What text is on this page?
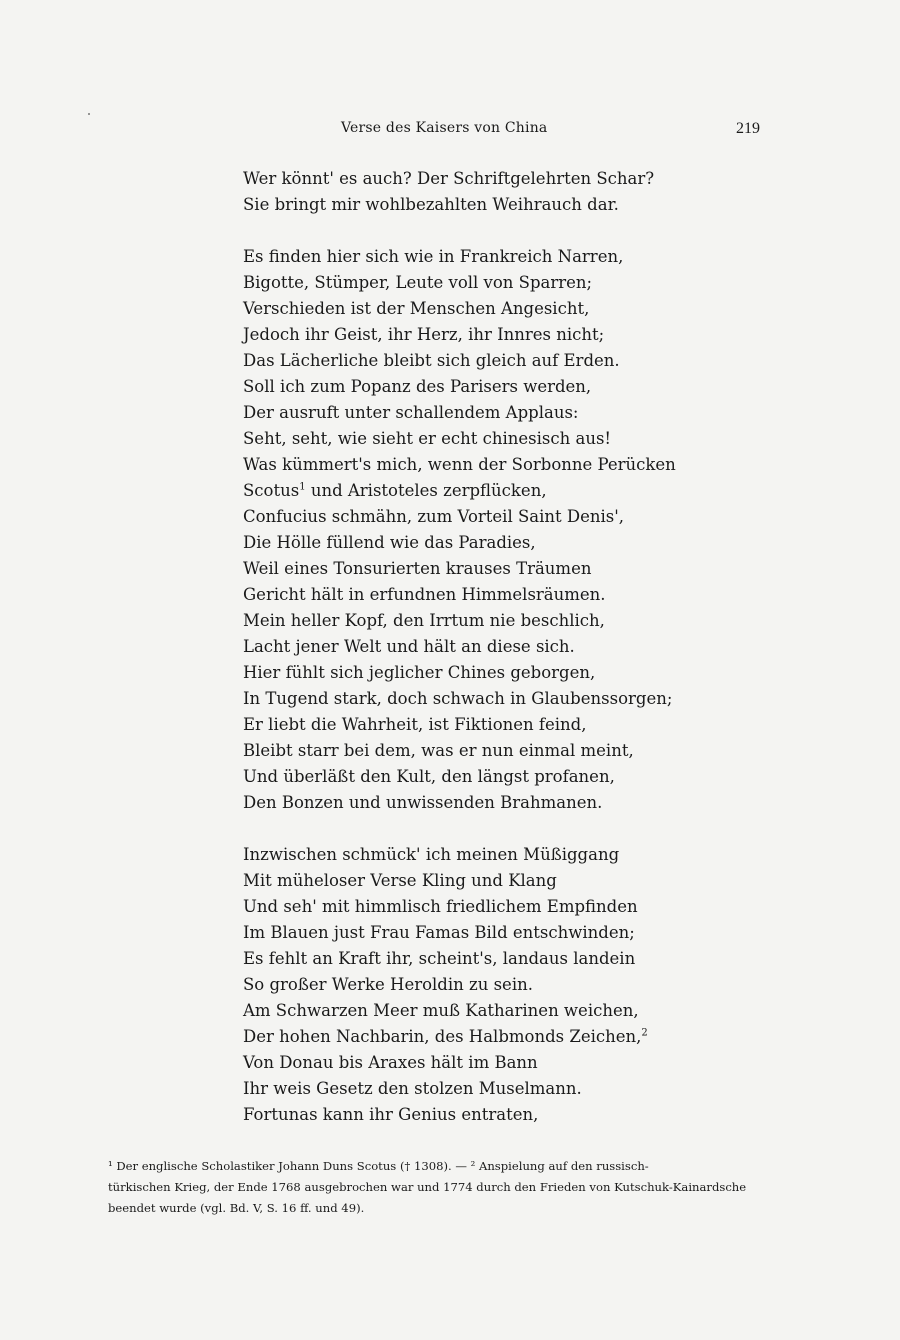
Verse des Kaisers von China	219
Wer könnt' es auch? Der Schriftgelehrten Schar?
Sie bringt mir wohlbezahlten Weihrauch dar.
Es finden hier sich wie in Frankreich Narren,
Bigotte, Stümper, Leute voll von Sparren;
Verschieden ist der Menschen Angesicht,
Jedoch ihr Geist, ihr Herz, ihr Innres nicht;
Das Lächerliche bleibt sich gleich auf Erden.
Soll ich zum Popanz des Parisers werden,
Der ausruft unter schallendem Applaus:
Seht, seht, wie sieht er echt chinesisch aus!
Was kümmert's mich, wenn der Sorbonne Perücken
Scotus$^1$ und Aristoteles zerpflücken,
Confucius schmähn, zum Vorteil Saint Denis',
Die Hölle füllend wie das Paradies,
Weil eines Tonsurierten krauses Träumen
Gericht hält in erfundnen Himmelsräumen.
Mein heller Kopf, den Irrtum nie beschlich,
Lacht jener Welt und hält an diese sich.
Hier fühlt sich jeglicher Chines geborgen,
In Tugend stark, doch schwach in Glaubenssorgen;
Er liebt die Wahrheit, ist Fiktionen feind,
Bleibt starr bei dem, was er nun einmal meint,
Und überläßt den Kult, den längst profanen,
Den Bonzen und unwissenden Brahmanen.
Inzwischen schmück' ich meinen Müßiggang
Mit müheloser Verse Kling und Klang
Und seh' mit himmlisch friedlichem Empfinden
Im Blauen just Frau Famas Bild entschwinden;
Es fehlt an Kraft ihr, scheint's, landaus landein
So großer Werke Heroldin zu sein.
Am Schwarzen Meer muß Katharinen weichen,
Der hohen Nachbarin, des Halbmonds Zeichen,$^2$
Von Donau bis Araxes hält im Bann
Ihr weis Gesetz den stolzen Muselmann.
Fortunas kann ihr Genius entraten,
¹ Der englische Scholastiker Johann Duns Scotus († 1308). — ² Anspielung auf den russisch-
türkischen Krieg, der Ende 1768 ausgebrochen war und 1774 durch den Frieden von Kutschuk-Kainardsche
beendet wurde (vgl. Bd. V, S. 16 ff. und 49).
